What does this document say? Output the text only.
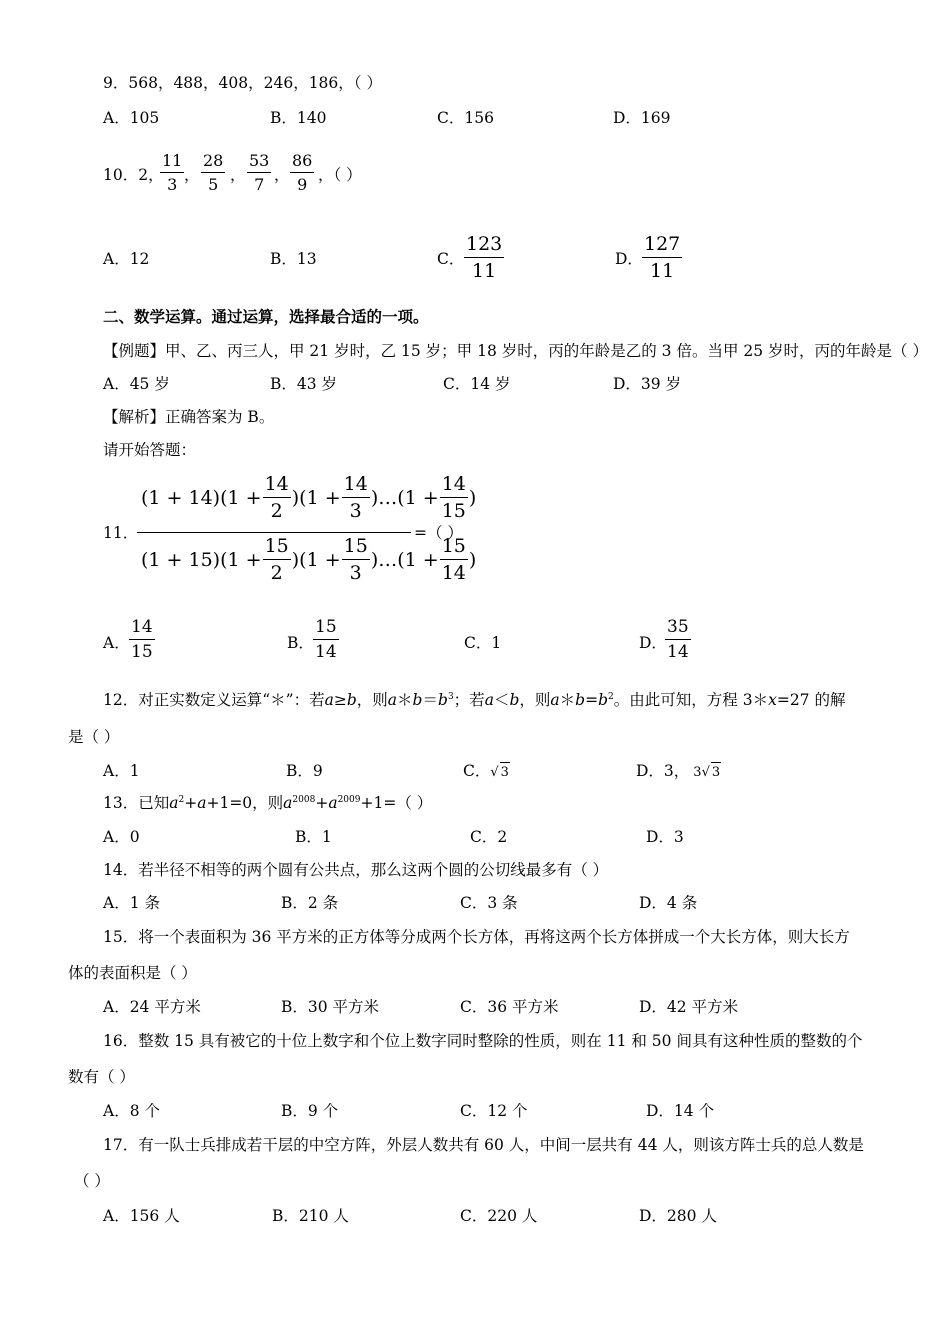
9．568，488，408，246，186，（ ）
A．105	B．140	C．156	D．169
10．2，
11
3 ，
28
5 ，
53
7 ，
86
9 ，（ ）
A．12	B．13	C．
123
11
D．
127
11
二、数学运算。通过运算，选择最合适的一项。
【例题】甲、乙、丙三人，甲 21 岁时，乙 15 岁；甲 18 岁时，丙的年龄是乙的 3 倍。当甲 25 岁时，丙的年龄是（ ）
A．45 岁	B．43 岁	C．14 岁	D．39 岁
【解析】正确答案为 B。
请开始答题：
11．
(1 + 14)(1 +
14
2
)(1 +
14
3
)…(1 +
14
15
)
(1 + 15)(1 +
15
2
)(1 +
15
3
)…(1 +
15
14
)
=（ ）
A．
14
15	B．
15
14	C．1	D．
35
14
12．对正实数定义运算“＊”：若a≥b，则$a*b=b^3$；若a＜b，则$a*b=b^2$。由此可知，方程 3＊x=27 的解
是（ ）
A．1	B．9	C．√ 3	D．3， 3√ 3
13．已知$a^2+a+1=0$，则$a^{2008}+a^{2009}+1=$（ ）
A．0	B．1	C．2	D．3
14．若半径不相等的两个圆有公共点，那么这两个圆的公切线最多有（ ）
A．1 条	B．2 条	C．3 条	D．4 条
15．将一个表面积为 36 平方米的正方体等分成两个长方体，再将这两个长方体拼成一个大长方体，则大长方
体的表面积是（ ）
A．24 平方米	B．30 平方米	C．36 平方米	D．42 平方米
16．整数 15 具有被它的十位上数字和个位上数字同时整除的性质，则在 11 和 50 间具有这种性质的整数的个
数有（ ）
A．8 个	B．9 个	C．12 个	D．14 个
17．有一队士兵排成若干层的中空方阵，外层人数共有 60 人，中间一层共有 44 人，则该方阵士兵的总人数是
（ ）
A．156 人	B．210 人	C．220 人	D．280 人
